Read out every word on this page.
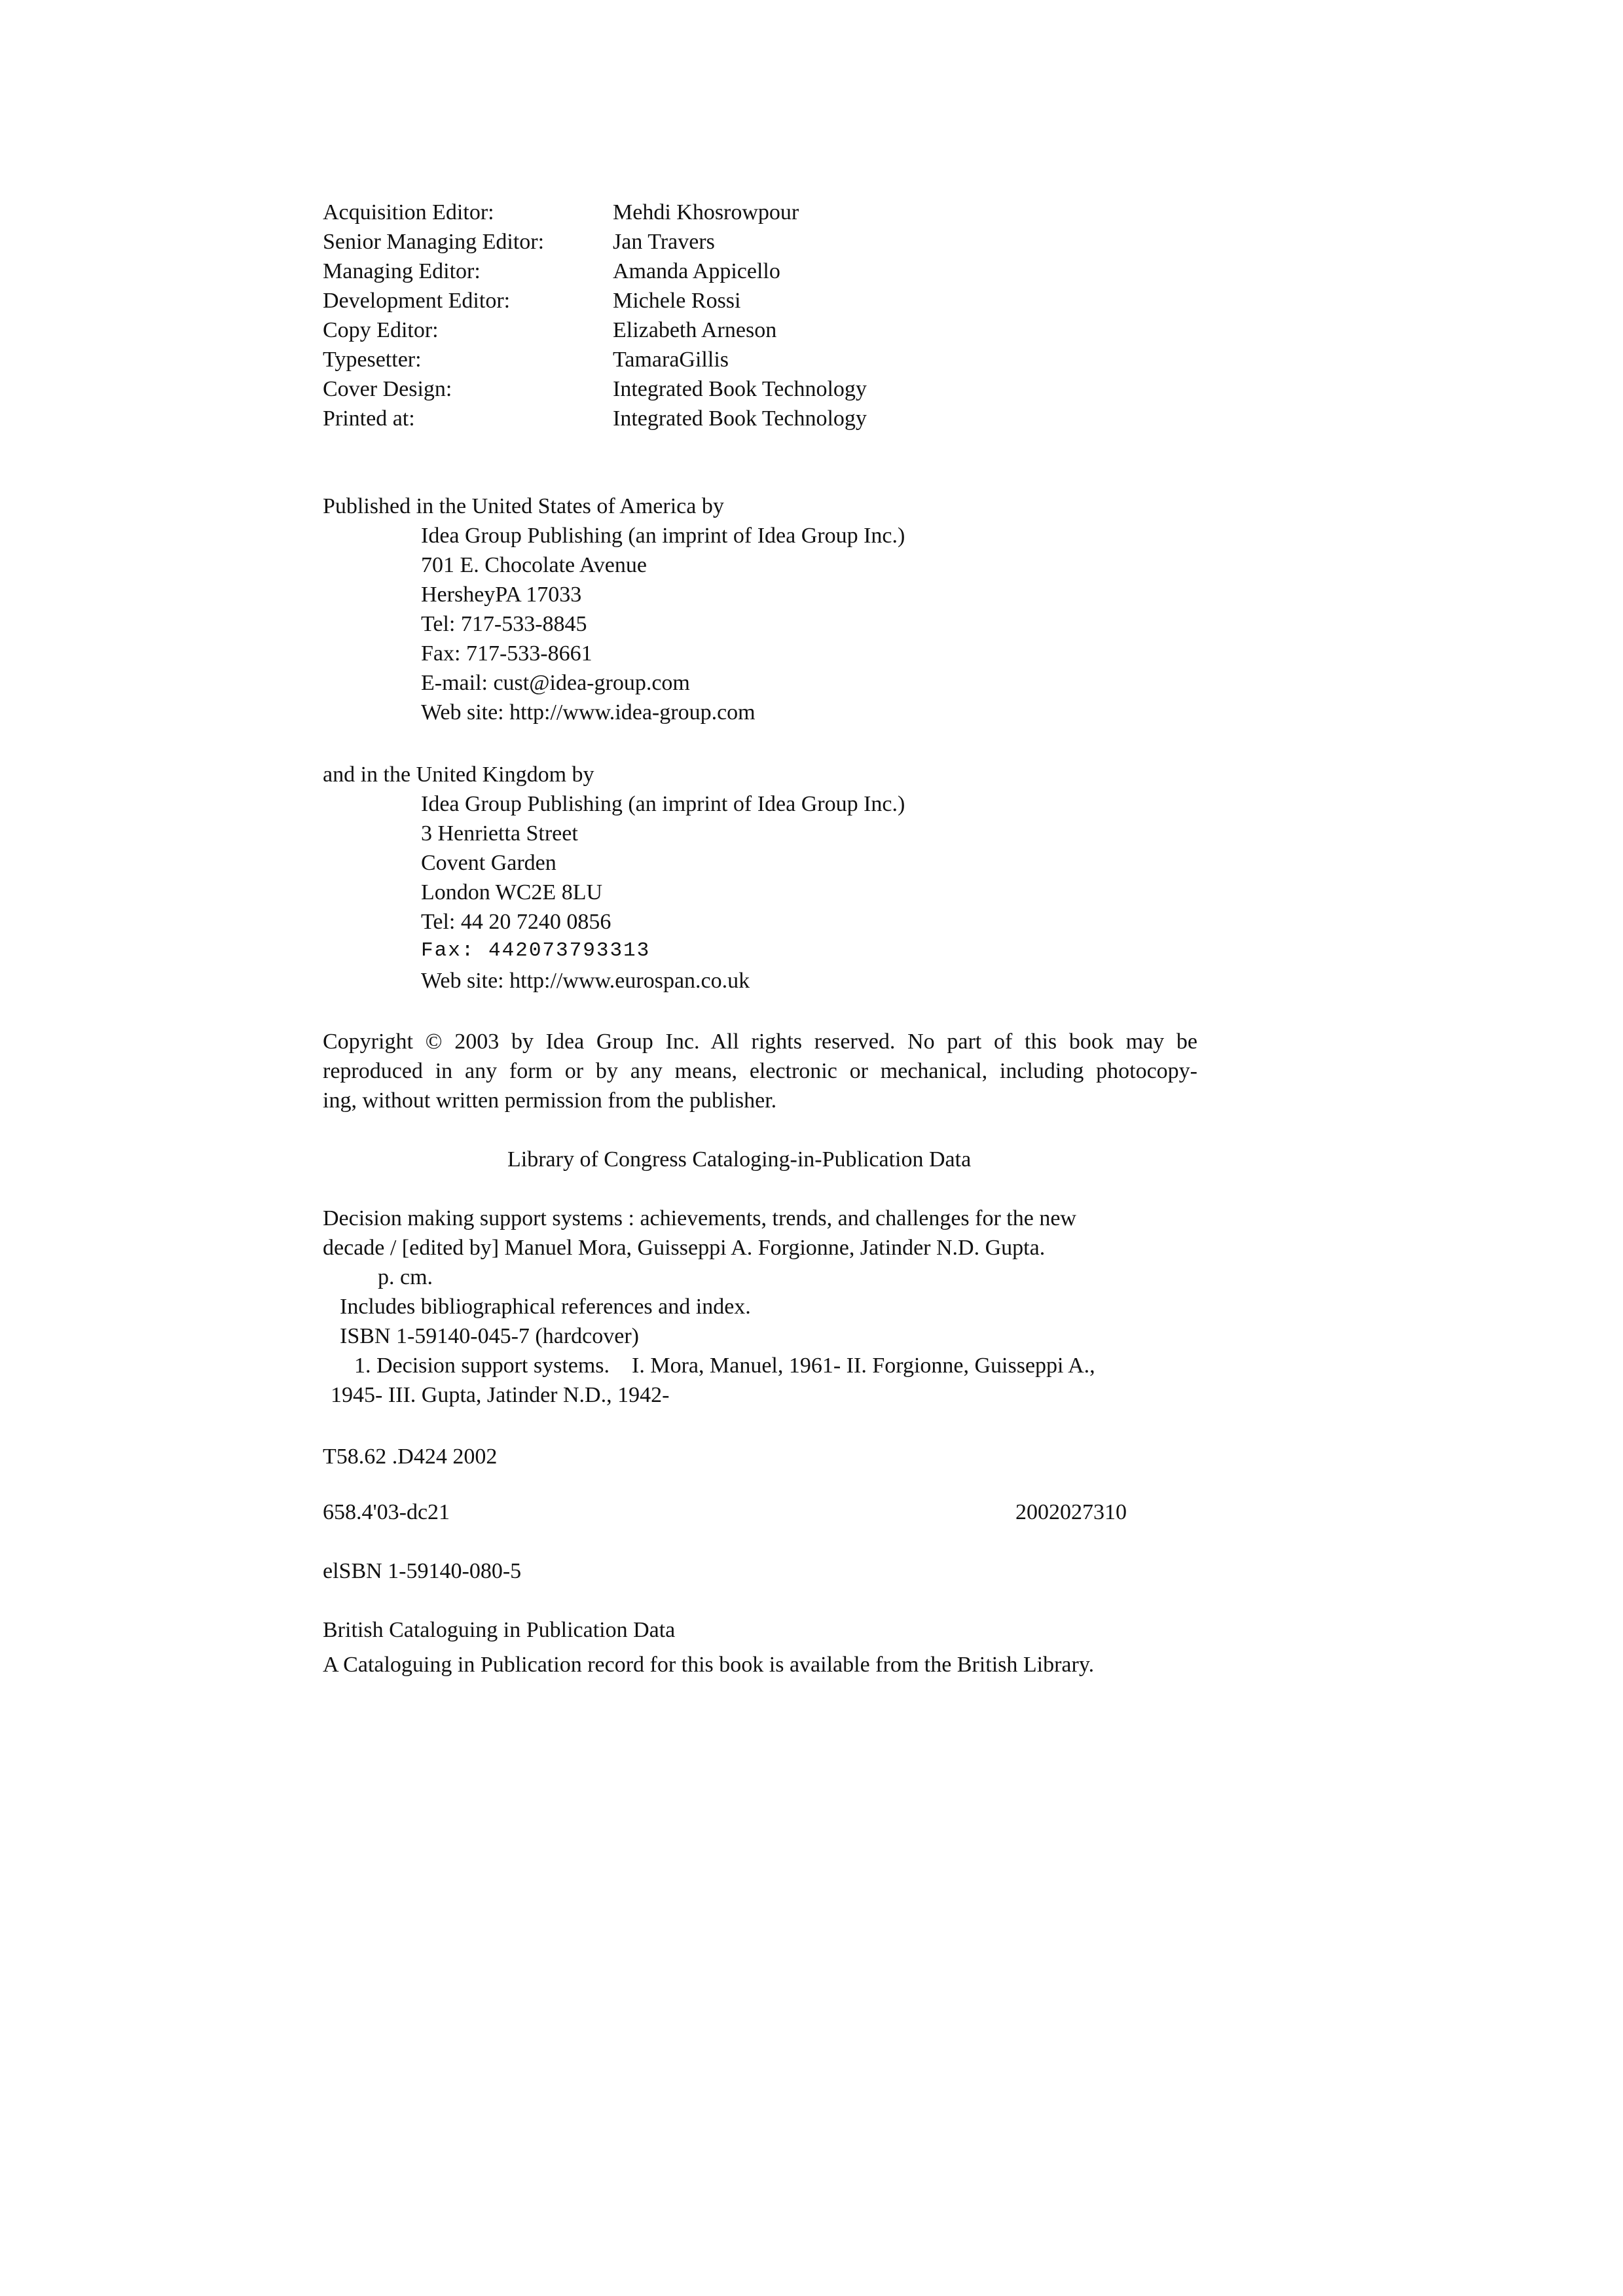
Acquisition Editor:	Mehdi Khosrowpour
Senior Managing Editor:	Jan Travers
Managing Editor:	Amanda Appicello
Development Editor:	Michele Rossi
Copy Editor:	Elizabeth Arneson
Typesetter:	TamaraGillis
Cover Design:	Integrated Book Technology
Printed at:	Integrated Book Technology
Published in the United States of America by
Idea Group Publishing (an imprint of Idea Group Inc.)
701 E. Chocolate Avenue
HersheyPA 17033
Tel: 717-533-8845
Fax: 717-533-8661
E-mail: cust@idea-group.com
Web site: http://www.idea-group.com
and in the United Kingdom by
Idea Group Publishing (an imprint of Idea Group Inc.)
3 Henrietta Street
Covent Garden
London WC2E 8LU
Tel: 44 20 7240 0856
Fax: 442073793313
Web site: http://www.eurospan.co.uk
Copyright © 2003 by Idea Group Inc. All rights reserved. No part of this book may be
reproduced in any form or by any means, electronic or mechanical, including photocopy-
ing, without written permission from the publisher.
Library of Congress Cataloging-in-Publication Data
Decision making support systems : achievements, trends, and challenges for the new
decade / [edited by] Manuel Mora, Guisseppi A. Forgionne, Jatinder N.D. Gupta.
p. cm.
Includes bibliographical references and index.
ISBN 1-59140-045-7 (hardcover)
1. Decision support systems.    I. Mora, Manuel, 1961- II. Forgionne, Guisseppi A.,
1945- III. Gupta, Jatinder N.D., 1942-
T58.62 .D424 2002
658.4'03-dc21	2002027310
elSBN 1-59140-080-5
British Cataloguing in Publication Data
A Cataloguing in Publication record for this book is available from the British Library.
